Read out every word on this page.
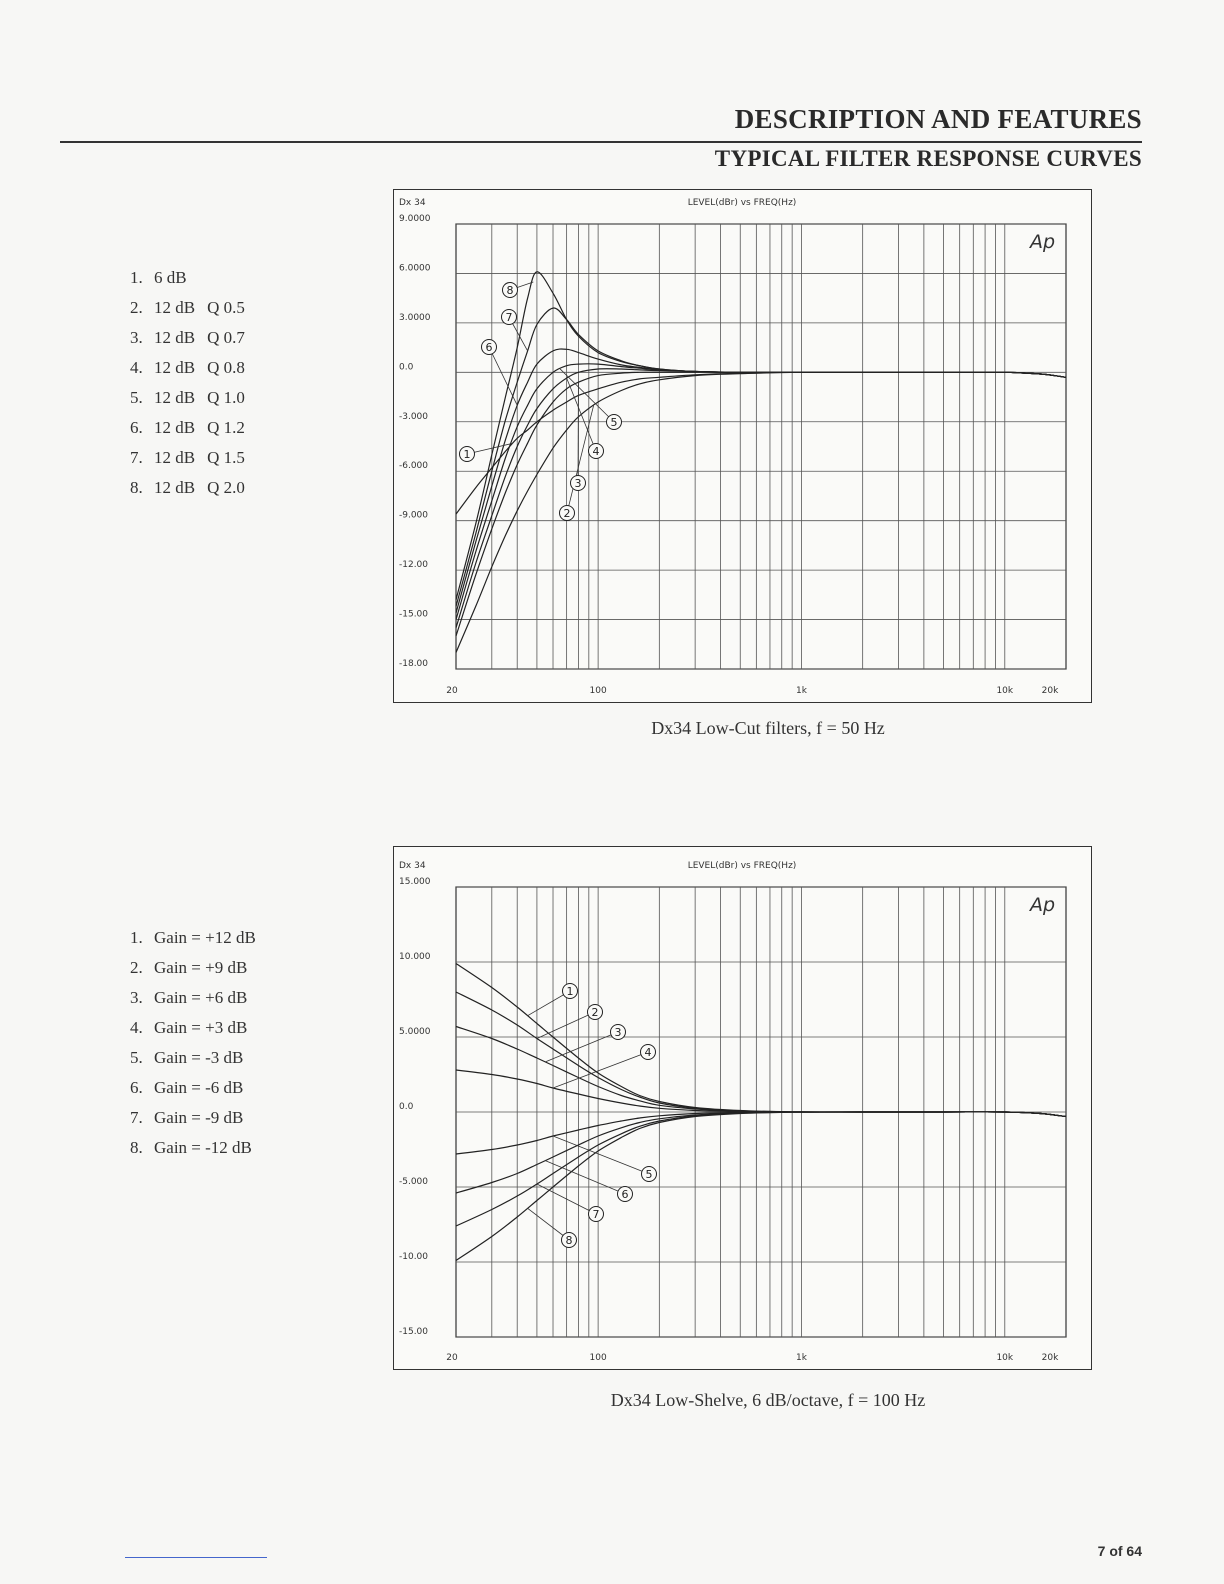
DESCRIPTION AND FEATURES
TYPICAL FILTER RESPONSE CURVES
1. 6 dB
2. 12 dB Q 0.5
3. 12 dB Q 0.7
4. 12 dB Q 0.8
5. 12 dB Q 1.0
6. 12 dB Q 1.2
7. 12 dB Q 1.5
8. 12 dB Q 2.0
Dx 34	LEVEL(dBr) vs FREQ(Hz)
9.0000
6.0000
3.0000
0.0
-3.000
-6.000
-9.000
-12.00
-15.00
-18.00
20	100	1k	10k	20k
Ap
1
2
3
4
5
6
7
8
Dx34 Low-Cut filters, f = 50 Hz
1. Gain = +12 dB
2. Gain = +9 dB
3. Gain = +6 dB
4. Gain = +3 dB
5. Gain = -3 dB
6. Gain = -6 dB
7. Gain = -9 dB
8. Gain = -12 dB
Dx 34	LEVEL(dBr) vs FREQ(Hz)
15.000
10.000
5.0000
0.0
-5.000
-10.00
-15.00
20	100	1k	10k	20k
Ap
1
2
3
4
5
6
7
8
Dx34 Low-Shelve, 6 dB/octave, f = 100 Hz
7 of 64
